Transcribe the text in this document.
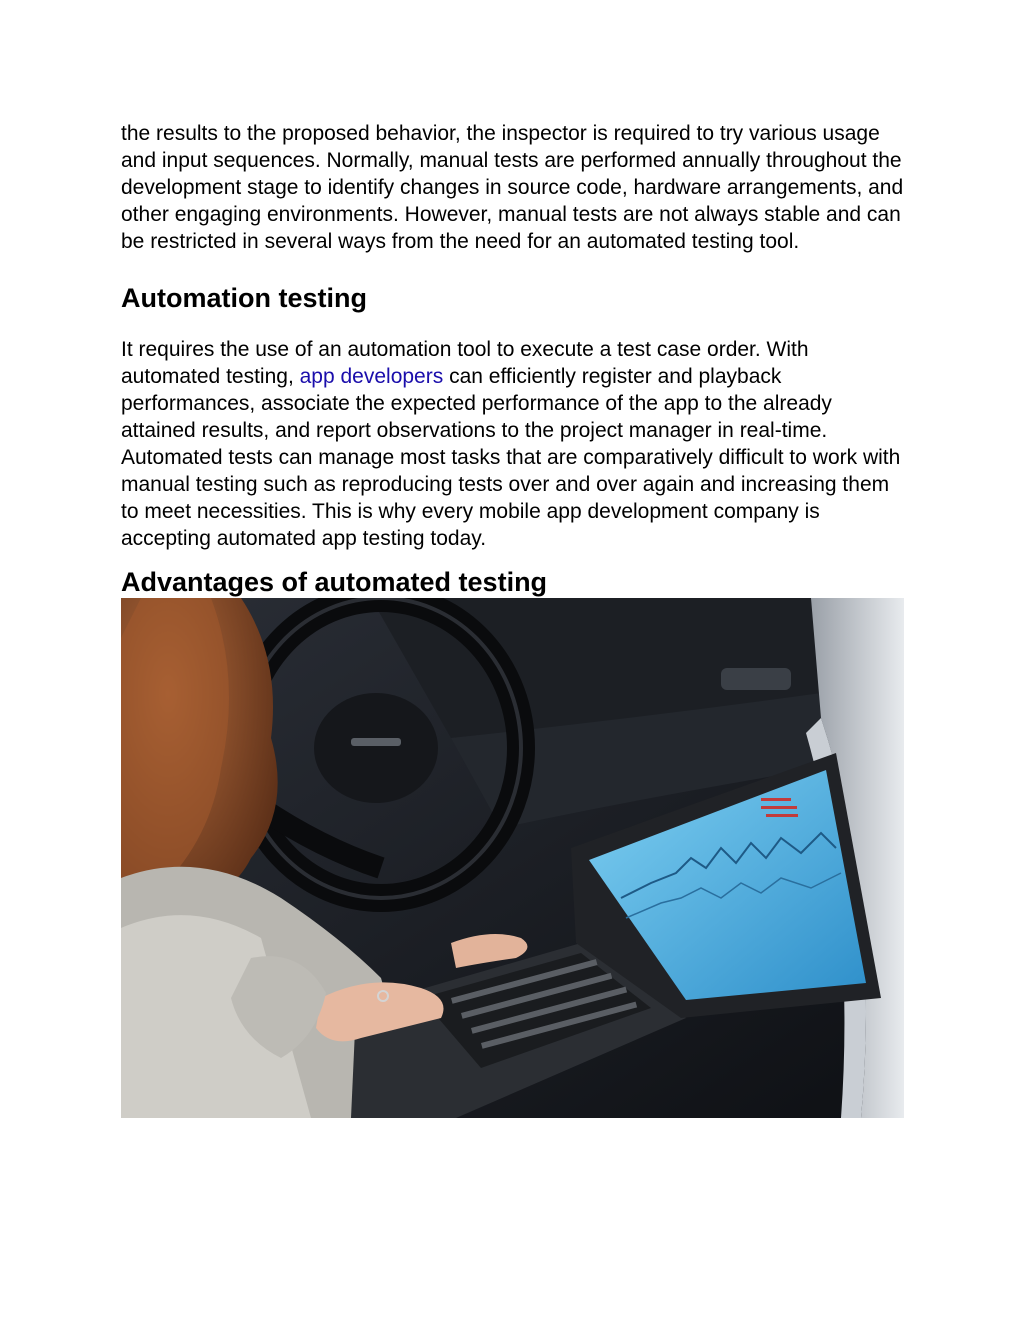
the results to the proposed behavior, the inspector is required to try various usage and input sequences. Normally, manual tests are performed annually throughout the development stage to identify changes in source code, hardware arrangements, and other engaging environments. However, manual tests are not always stable and can be restricted in several ways from the need for an automated testing tool.

Automation testing

It requires the use of an automation tool to execute a test case order. With automated testing, app developers can efficiently register and playback performances, associate the expected performance of the app to the already attained results, and report observations to the project manager in real-time. Automated tests can manage most tasks that are comparatively difficult to work with manual testing such as reproducing tests over and over again and increasing them to meet necessities. This is why every mobile app development company is accepting automated app testing today.

Advantages of automated testing
